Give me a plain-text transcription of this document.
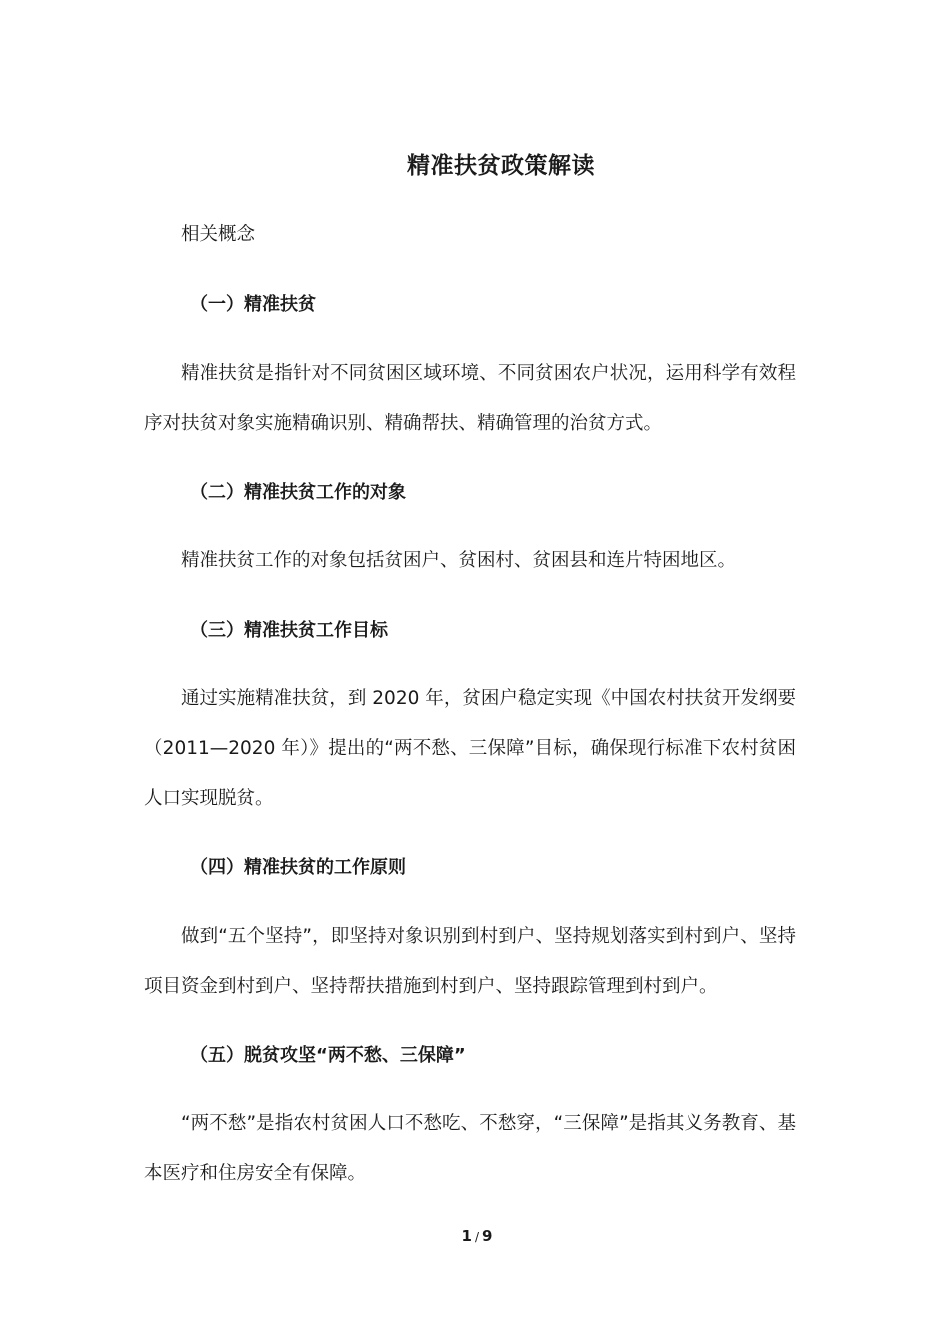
精准扶贫政策解读
相关概念
（一）精准扶贫
精准扶贫是指针对不同贫困区域环境、不同贫困农户状况，运用科学有效程序对扶贫对象实施精确识别、精确帮扶、精确管理的治贫方式。
（二）精准扶贫工作的对象
精准扶贫工作的对象包括贫困户、贫困村、贫困县和连片特困地区。
（三）精准扶贫工作目标
通过实施精准扶贫，到 2020 年，贫困户稳定实现《中国农村扶贫开发纲要（2011—2020 年）》提出的“两不愁、三保障”目标，确保现行标准下农村贫困人口实现脱贫。
（四）精准扶贫的工作原则
做到“五个坚持”，即坚持对象识别到村到户、坚持规划落实到村到户、坚持项目资金到村到户、坚持帮扶措施到村到户、坚持跟踪管理到村到户。
（五）脱贫攻坚“两不愁、三保障”
“两不愁”是指农村贫困人口不愁吃、不愁穿，“三保障”是指其义务教育、基本医疗和住房安全有保障。
1 / 9
